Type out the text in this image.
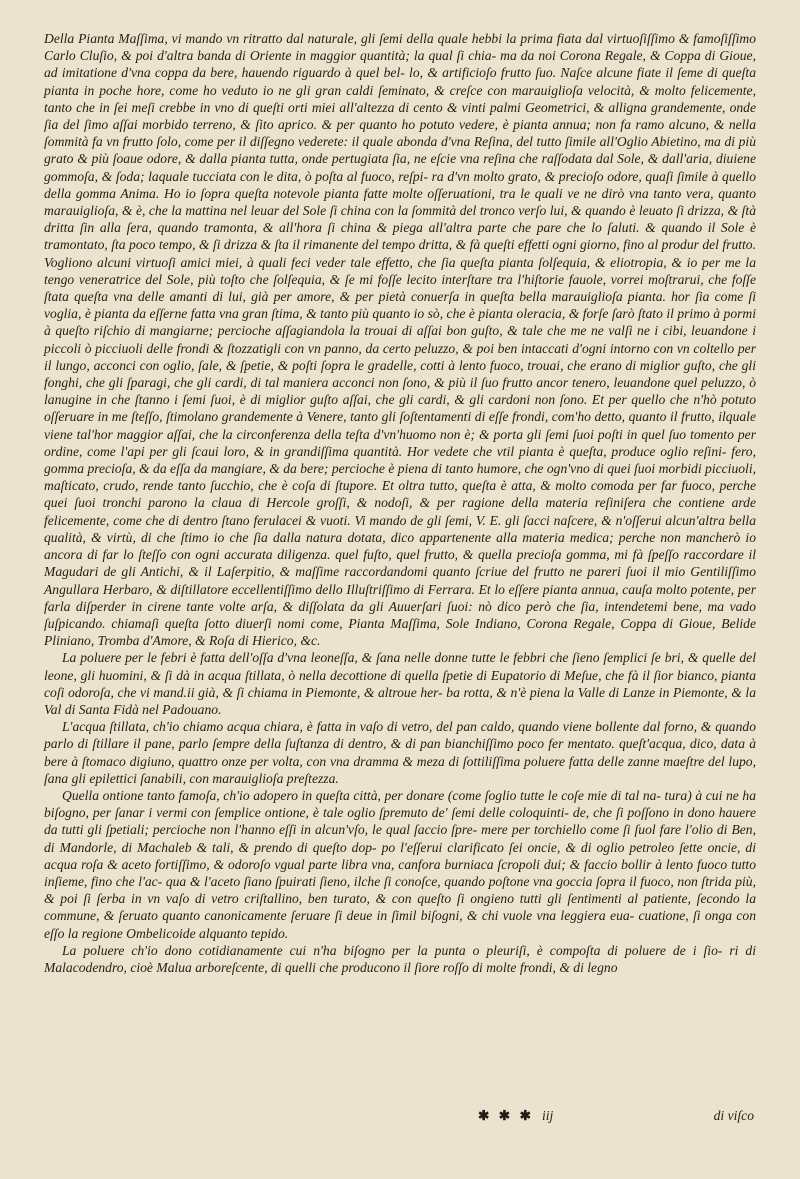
Della Pianta Maſſima, vi mando vn ritratto dal naturale, gli ſemi della quale hebbi la prima fiata dal virtuoſiſſimo & famoſiſſimo Carlo Cluſio, & poi d'altra banda di Oriente in maggior quantità; la qual ſi chia- ma da noi Corona Regale, & Coppa di Gioue, ad imitatione d'vna coppa da bere, hauendo riguardo à quel bel- lo, & artificioſo frutto ſuo. Naſce alcune fiate il ſeme di queſta pianta in poche hore, come ho veduto io ne gli gran caldi ſeminato, & creſce con marauiglioſa velocità, & molto felicemente, tanto che in ſei meſi crebbe in vno di queſti orti miei all'altezza di cento & vinti palmi Geometrici, & alligna grandemente, onde ſia del ſimo aſſai morbido terreno, & ſito aprico. & per quanto ho potuto vedere, è pianta annua; non fa ramo alcuno, & nella ſommità fa vn frutto ſolo, come per il diſſegno vederete: il quale abonda d'vna Reſina, del tutto ſimile all'Oglio Abietino, ma di più grato & più ſoaue odore, & dalla pianta tutta, onde pertugiata ſia, ne eſcie vna reſina che raſſodata dal Sole, & dall'aria, diuiene gommoſa, & ſoda; laquale tucciata con le dita, ò poſta al fuoco, reſpi- ra d'vn molto grato, & precioſo odore, quaſi ſimile à quello della gomma Anima. Ho io ſopra queſta notevole pianta fatte molte oſſeruationi, tra le quali ve ne dirò vna tanto vera, quanto marauiglioſa, & è, che la mattina nel leuar del Sole ſi china con la ſommità del tronco verſo lui, & quando è leuato ſi drizza, & ſtà dritta ſin alla ſera, quando tramonta, & all'hora ſi china & piega all'altra parte che pare che lo ſaluti. & quando il Sole è tramontato, ſta poco tempo, & ſi drizza & ſta il rimanente del tempo dritta, & fà queſti effetti ogni giorno, fino al produr del frutto. Vogliono alcuni virtuoſi amici miei, à quali feci veder tale effetto, che ſia queſta pianta ſolſequia, & eliotropia, & io per me la tengo veneratrice del Sole, più toſto che ſolſequia, & ſe mi foſſe lecito interſtare tra l'hiſtorie fauole, vorrei moſtrarui, che foſſe ſtata queſta vna delle amanti di lui, già per amore, & per pietà conuerſa in queſta bella marauiglioſa pianta. hor ſia come ſi voglia, è pianta da eſſerne fatta vna gran ſtima, & tanto più quanto io sò, che è pianta oleracia, & forſe ſarò ſtato il primo à pormi à queſto riſchio di mangiarne; percioche aſſagiandola la trouai di aſſai bon guſto, & tale che me ne valſi ne i cibi, leuandone i piccoli ò picciuoli delle frondi & ſtozzatigli con vn panno, da certo peluzzo, & poi ben intaccati d'ogni intorno con vn coltello per il lungo, acconci con oglio, ſale, & ſpetie, & poſti ſopra le gradelle, cotti à lento fuoco, trouai, che erano di miglior guſto, che gli fonghi, che gli ſparagi, che gli cardi, di tal maniera acconci non ſono, & più il ſuo frutto ancor tenero, leuandone quel peluzzo, ò lanugine in che ſtanno i ſemi ſuoi, è di miglior guſto aſſai, che gli cardi, & gli cardoni non ſono. Et per quello che n'hò potuto oſſeruare in me ſteſſo, ſtimolano grandemente à Venere, tanto gli ſoſtentamenti di eſſe frondi, com'ho detto, quanto il frutto, ilquale viene tal'hor maggior aſſai, che la circonferenza della teſta d'vn'huomo non è; & porta gli ſemi ſuoi poſti in quel ſuo tomento per ordine, come l'api per gli ſcaui loro, & in grandiſſima quantità. Hor vedete che vtil pianta è queſta, produce oglio reſini- fero, gomma precioſa, & da eſſa da mangiare, & da bere; percioche è piena di tanto humore, che ogn'vno di quei ſuoi morbidi picciuoli, maſticato, crudo, rende tanto ſucchio, che è coſa di ſtupore. Et oltra tutto, queſta è atta, & molto comoda per far fuoco, perche quei ſuoi tronchi parono la claua di Hercole groſſi, & nodoſi, & per ragione della materia reſiniſera che contiene arde felicemente, come che di dentro ſtano ferulacei & vuoti. Vi mando de gli ſemi, V. E. gli ſacci naſcere, & n'oſſerui alcun'altra bella qualità, & virtù, di che ſtimo io che ſia dalla natura dotata, dico appartenente alla materia medica; perche non mancherò io ancora di far lo ſteſſo con ogni accurata diligenza. quel fuſto, quel frutto, & quella precioſa gomma, mi fà ſpeſſo raccordare il Magudari de gli Antichi, & il Laſerpitio, & maſſime raccordandomi quanto ſcriue del frutto ne pareri ſuoi il mio Gentiliſſimo Angullara Herbaro, & diſtillatore eccellentiſſimo dello Illuſtriſſimo di Ferrara. Et lo eſſere pianta annua, cauſa molto potente, per farla diſperder in cirene tante volte arſa, & diſſolata da gli Auuerſari ſuoi: nò dico però che ſia, intendetemi bene, ma vado ſuſpicando. chiamaſi queſta ſotto diuerſi nomi come, Pianta Maſſima, Sole Indiano, Corona Regale, Coppa di Gioue, Belide Pliniano, Tromba d'Amore, & Roſa di Hierico, &c.

La poluere per le febri è fatta dell'oſſa d'vna leoneſſa, & ſana nelle donne tutte le febbri che ſieno ſemplici ſe bri, & quelle del leone, gli huomini, & ſi dà in acqua ſtillata, ò nella decottione di quella ſpetie di Eupatorio di Meſue, che fà il ſior bianco, pianta coſi odoroſa, che vi mand.ii già, & ſi chiama in Piemonte, & altroue her- ba rotta, & n'è piena la Valle di Lanze in Piemonte, & la Val di Santa Fidà nel Padouano.

L'acqua ſtillata, ch'io chiamo acqua chiara, è fatta in vaſo di vetro, del pan caldo, quando viene bollente dal forno, & quando parlo di ſtillare il pane, parlo ſempre della ſuſtanza di dentro, & di pan bianchiſſimo poco fer mentato. queſt'acqua, dico, data à bere à ſtomaco digiuno, quattro onze per volta, con vna dramma & meza di ſottiliſſima poluere fatta delle zanne maeſtre del lupo, ſana gli epilettici ſanabili, con marauiglioſa preſtezza.

Quella ontione tanto famoſa, ch'io adopero in queſta città, per donare (come ſoglio tutte le coſe mie di tal na- tura) à cui ne ha biſogno, per ſanar i vermi con ſemplice ontione, è tale oglio ſpremuto de' ſemi delle coloquinti- de, che ſi poſſono in dono hauere da tutti gli ſpetiali; percioche non l'hanno eſſi in alcun'vſo, le qual ſaccio ſpre- mere per torchiello come ſi ſuol fare l'olio di Ben, di Mandorle, di Machaleb & tali, & prendo di queſto dop- po l'eſſerui clarificato ſei oncie, & di oglio petroleo ſette oncie, di acqua roſa & aceto fortiſſimo, & odoroſo vgual parte libra vna, canfora burniaca ſcropoli dui; & faccio bollir à lento fuoco tutto inſieme, fino che l'ac- qua & l'aceto ſiano ſpuirati ſieno, ilche ſi conoſce, quando poſtone vna goccia ſopra il fuoco, non ſtrida più, & poi ſi ſerba in vn vaſo di vetro criſtallino, ben turato, & con queſto ſi ongieno tutti gli ſentimenti al patiente, ſecondo la commune, & ſeruato quanto canonicamente ſeruare ſi deue in ſimil biſogni, & chi vuole vna leggiera eua- cuatione, ſi onga con eſſo la regione Ombelicoide alquanto tepido.

La poluere ch'io dono cotidianamente cui n'ha biſogno per la punta o pleuriſi, è compoſta di poluere de i ſio- ri di Malacodendro, cioè Malua arboreſcente, di quelli che producono il ſiore roſſo di molte frondi, & di legno

✱ ✱ ✱ iij	di viſco
